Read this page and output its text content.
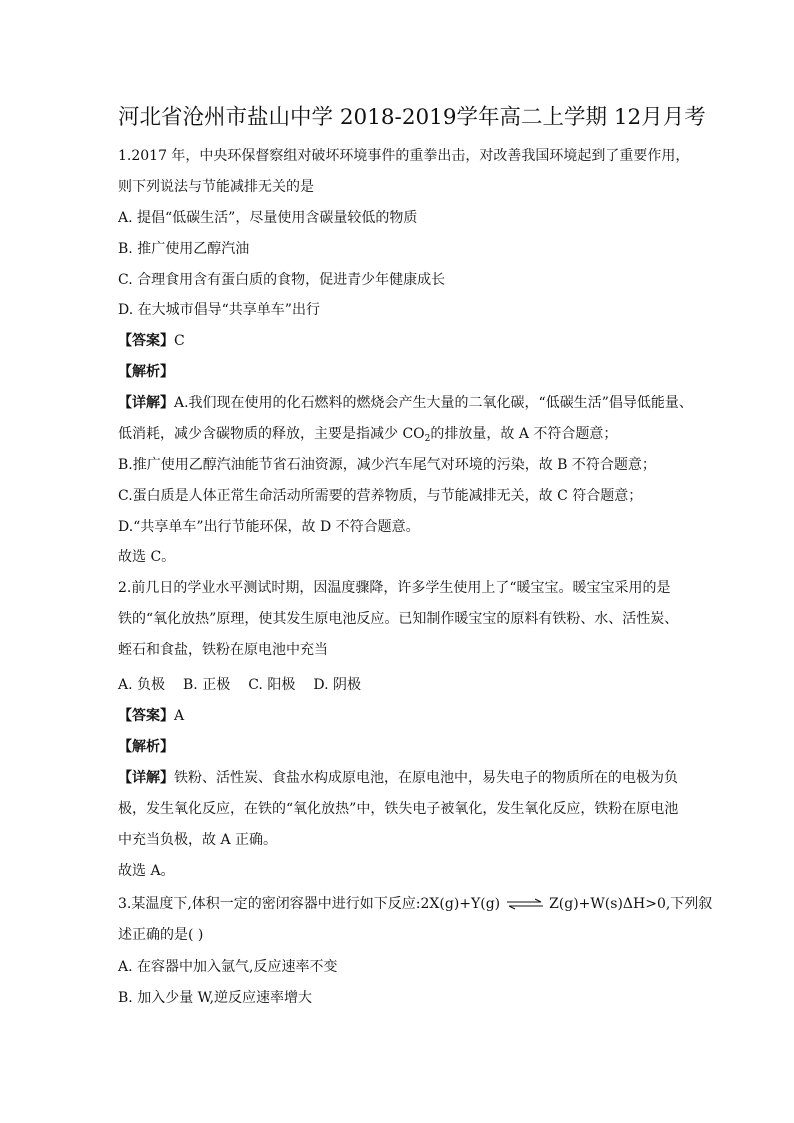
河北省沧州市盐山中学 2018-2019学年高二上学期 12月月考
1.2017 年，中央环保督察组对破坏环境事件的重拳出击，对改善我国环境起到了重要作用，
则下列说法与节能减排无关的是
A. 提倡“低碳生活”，尽量使用含碳量较低的物质
B. 推广使用乙醇汽油
C. 合理食用含有蛋白质的食物，促进青少年健康成长
D. 在大城市倡导“共享单车”出行
【答案】C
【解析】
【详解】A.我们现在使用的化石燃料的燃烧会产生大量的二氧化碳，“低碳生活”倡导低能量、
低消耗，减少含碳物质的释放，主要是指减少 $CO_2$的排放量，故 A 不符合题意；
B.推广使用乙醇汽油能节省石油资源，减少汽车尾气对环境的污染，故 B 不符合题意；
C.蛋白质是人体正常生命活动所需要的营养物质，与节能减排无关，故 C 符合题意；
D.“共享单车”出行节能环保，故 D 不符合题意。
故选 C。
2.前几日的学业水平测试时期，因温度骤降，许多学生使用上了“暖宝宝。暖宝宝采用的是
铁的“氧化放热”原理，使其发生原电池反应。已知制作暖宝宝的原料有铁粉、水、活性炭、
蛭石和食盐，铁粉在原电池中充当
A. 负极 B. 正极 C. 阳极 D. 阴极
【答案】A
【解析】
【详解】铁粉、活性炭、食盐水构成原电池，在原电池中，易失电子的物质所在的电极为负
极，发生氧化反应，在铁的“氧化放热”中，铁失电子被氧化，发生氧化反应，铁粉在原电池
中充当负极，故 A 正确。
故选 A。
3.某温度下,体积一定的密闭容器中进行如下反应:2X(g)+Y(g) ⇌ Z(g)+W(s)ΔH>0,下列叙
述正确的是( )
A. 在容器中加入氩气,反应速率不变
B. 加入少量 W,逆反应速率增大
